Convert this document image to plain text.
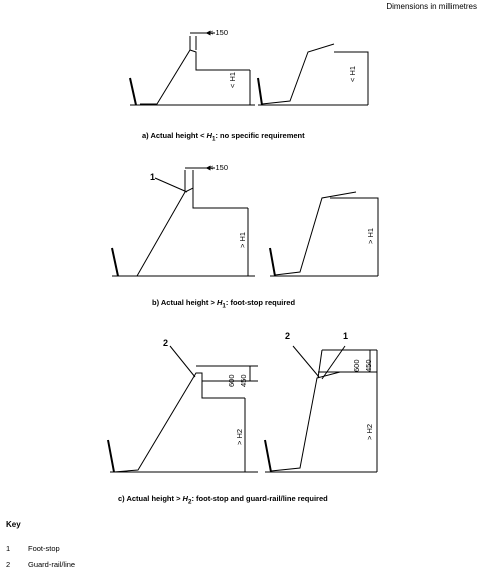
Dimensions in millimetres
< 150
< H1	< H1
a) Actual height < $H_1$: no specific requirement
< 150
1
> H1	> H1
b) Actual height > $H_1$: foot-stop required
2
2	1
600 450
600 450
> H2	> H2
c) Actual height > $H_2$: foot-stop and guard-rail/line required
Key
1 Foot-stop
2 Guard-rail/line
